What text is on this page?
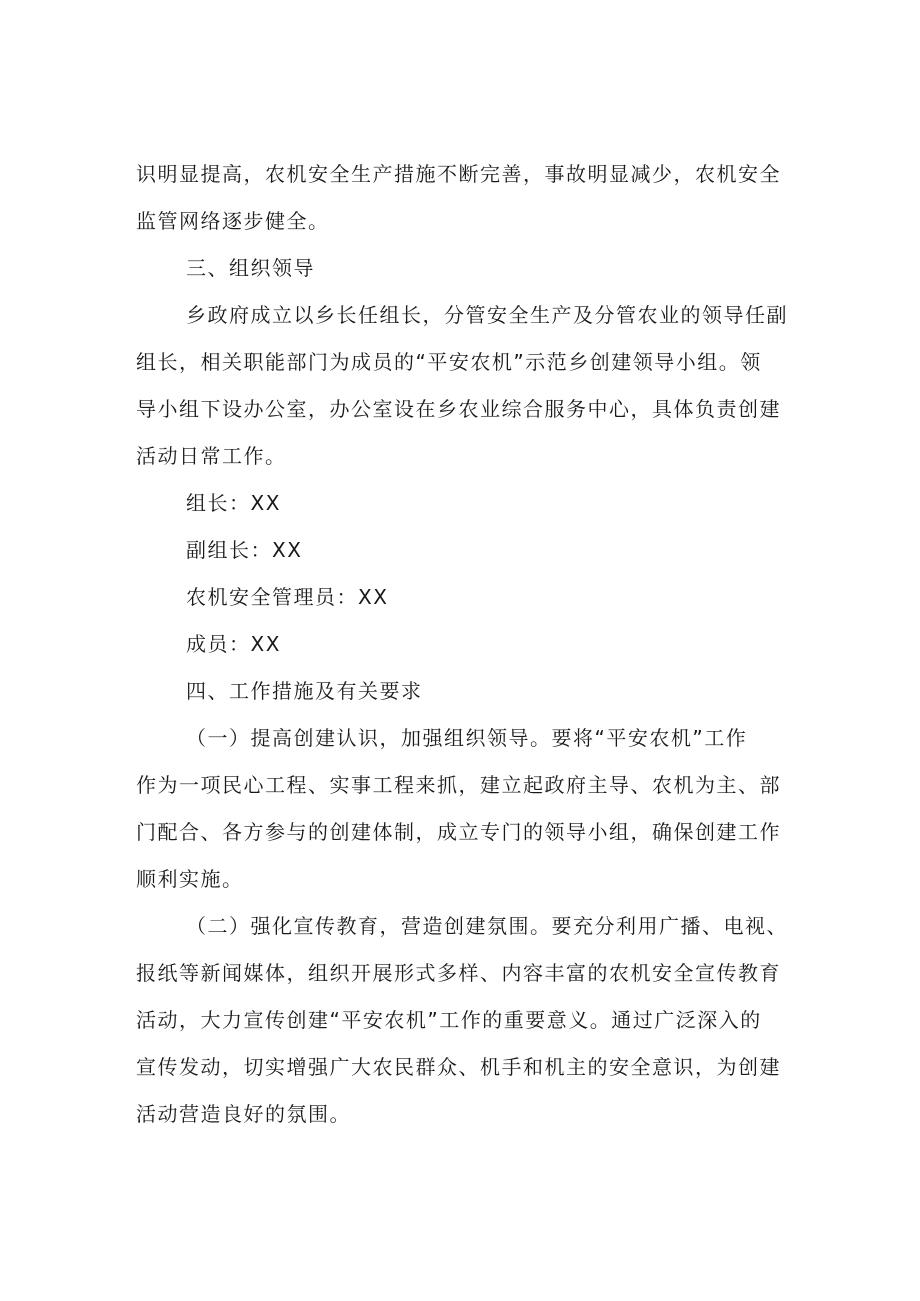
识明显提高，农机安全生产措施不断完善，事故明显减少，农机安全

监管网络逐步健全。

三、组织领导

乡政府成立以乡长任组长，分管安全生产及分管农业的领导任副

组长，相关职能部门为成员的“平安农机”示范乡创建领导小组。领

导小组下设办公室，办公室设在乡农业综合服务中心，具体负责创建

活动日常工作。

组长：XX

副组长：XX

农机安全管理员：XX

成员：XX

四、工作措施及有关要求

（一）提高创建认识，加强组织领导。要将“平安农机”工作

作为一项民心工程、实事工程来抓，建立起政府主导、农机为主、部

门配合、各方参与的创建体制，成立专门的领导小组，确保创建工作

顺利实施。

（二）强化宣传教育，营造创建氛围。要充分利用广播、电视、

报纸等新闻媒体，组织开展形式多样、内容丰富的农机安全宣传教育

活动，大力宣传创建“平安农机”工作的重要意义。通过广泛深入的

宣传发动，切实增强广大农民群众、机手和机主的安全意识，为创建

活动营造良好的氛围。
